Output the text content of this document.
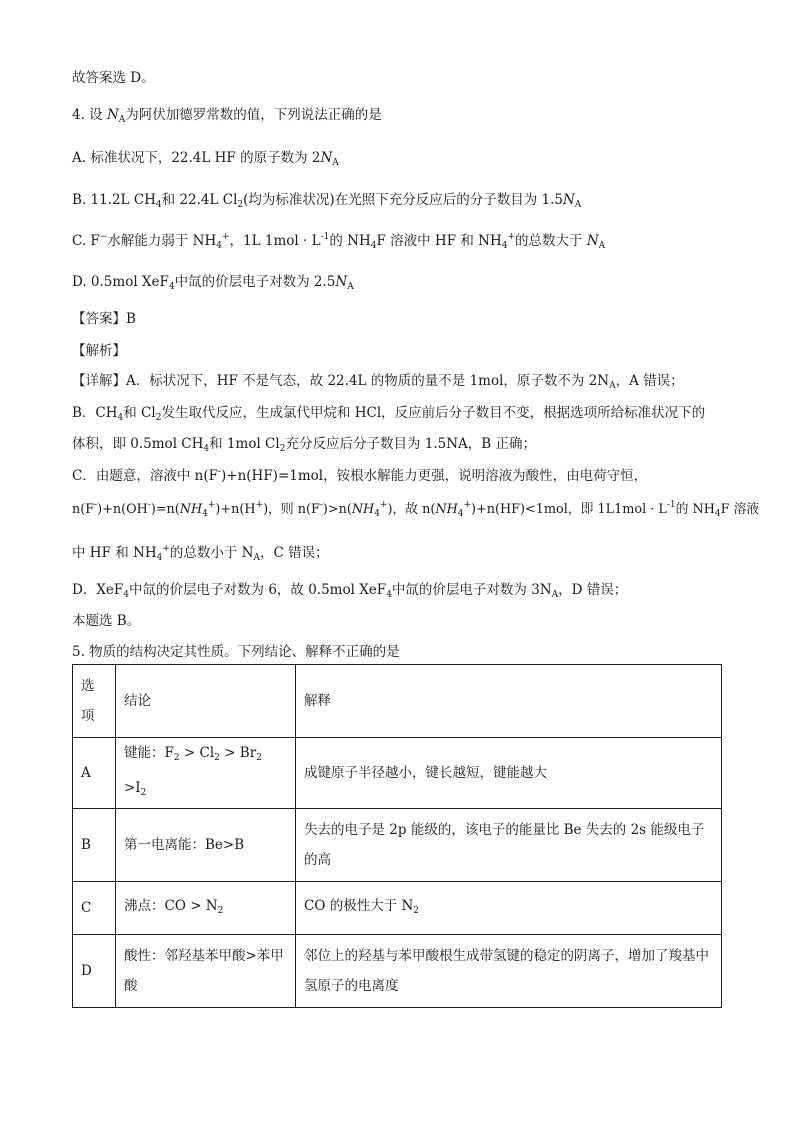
故答案选 D。
4. 设 $N_A$为阿伏加德罗常数的值，下列说法正确的是
A. 标准状况下，22.4L HF 的原子数为 $2N_A$
B. 11.2L $CH_4$和 22.4L $Cl_2$(均为标准状况)在光照下充分反应后的分子数目为 $1.5N_A$
C. F−水解能力弱于 $NH_4^+$，1L $1mol \cdot L^{-1}$的 $NH_4F$ 溶液中 HF 和 $NH_4^+$的总数大于 $N_A$
D. 0.5mol XeF$_4$中氙的价层电子对数为 $2.5N_A$
【答案】B
【解析】
【详解】A．标状况下，HF 不是气态，故 22.4L 的物质的量不是 1mol，原子数不为 $2N_A$，A 错误；
B．$CH_4$和 $Cl_2$发生取代反应，生成氯代甲烷和 HCl，反应前后分子数目不变，根据选项所给标准状况下的
体积，即 0.5mol $CH_4$和 1mol $Cl_2$充分反应后分子数目为 1.5NA，B 正确；
C．由题意，溶液中 n(F-)+n(HF)=1mol，铵根水解能力更强，说明溶液为酸性，由电荷守恒，
$n(F^-)+n(OH^-)=n(NH_4^+)+n(H^+)$，则 $n(F^-)>n(NH_4^+)$，故 $n(NH_4^+)+n(HF)<1mol$，即 $1L1mol \cdot L^{-1}$的 $NH_4F$ 溶液
中 HF 和 $NH_4^+$的总数小于 $N_A$，C 错误；
D．XeF$_4$中氙的价层电子对数为 6，故 0.5mol XeF$_4$中氙的价层电子对数为 $3N_A$，D 错误；
本题选 B。
5. 物质的结构决定其性质。下列结论、解释不正确的是
选项	结论	解释
A	键能：$F_2 > Cl_2 > Br_2 >I_2$	成键原子半径越小，键长越短，键能越大
B	第一电离能：Be>B	失去的电子是 2p 能级的，该电子的能量比 Be 失去的 2s 能级电子的高
C	沸点：CO > $N_2$	CO 的极性大于 $N_2$
D	酸性：邻羟基苯甲酸>苯甲酸	邻位上的羟基与苯甲酸根生成带氢键的稳定的阴离子，增加了羧基中氢原子的电离度
